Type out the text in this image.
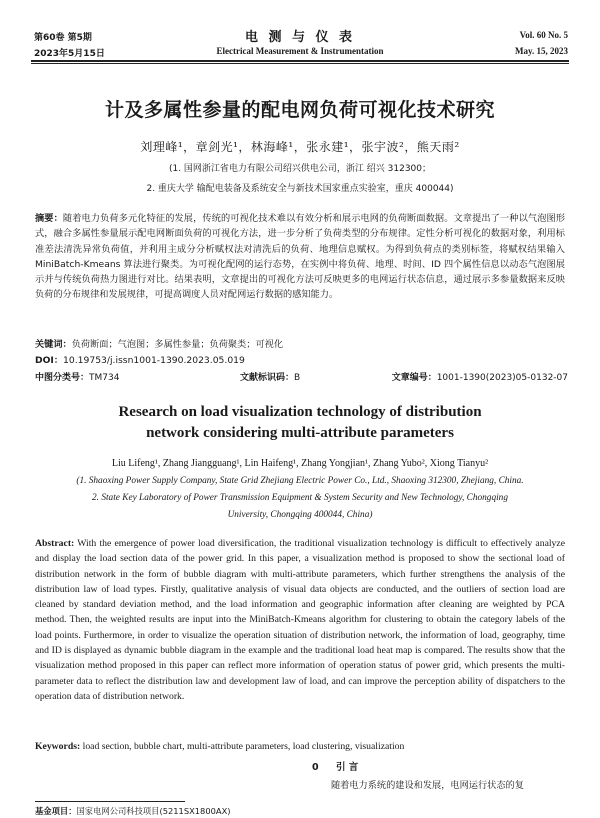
第60卷 第5期
2023年5月15日
电 测 与 仪 表
Electrical Measurement & Instrumentation
Vol. 60 No. 5
May. 15, 2023
计及多属性参量的配电网负荷可视化技术研究
刘理峰¹，章剑光¹，林海峰¹，张永建¹，张宇波²，熊天雨²
(1. 国网浙江省电力有限公司绍兴供电公司，浙江 绍兴 312300；
2. 重庆大学 输配电装备及系统安全与新技术国家重点实验室，重庆 400044)
摘要：随着电力负荷多元化特征的发展，传统的可视化技术难以有效分析和展示电网的负荷断面数据。文章提出了一种以气泡图形式，融合多属性参量展示配电网断面负荷的可视化方法，进一步分析了负荷类型的分布规律。定性分析可视化的数据对象，利用标准差法清洗异常负荷值，并利用主成分分析赋权法对清洗后的负荷、地理信息赋权。为得到负荷点的类别标签，将赋权结果输入 MiniBatch-Kmeans 算法进行聚类。为可视化配网的运行态势，在实例中将负荷、地理、时间、ID 四个属性信息以动态气泡图展示并与传统负荷热力图进行对比。结果表明，文章提出的可视化方法可反映更多的电网运行状态信息，通过展示多参量数据来反映负荷的分布规律和发展规律，可提高调度人员对配网运行数据的感知能力。
关键词：负荷断面；气泡图；多属性参量；负荷聚类；可视化
DOI：10.19753/j.issn1001-1390.2023.05.019
中图分类号：TM734	文献标识码：B	文章编号：1001-1390(2023)05-0132-07
Research on load visualization technology of distribution
network considering multi-attribute parameters
Liu Lifeng¹, Zhang Jiangguang¹, Lin Haifeng¹, Zhang Yongjian¹, Zhang Yubo², Xiong Tianyu²
(1. Shaoxing Power Supply Company, State Grid Zhejiang Electric Power Co., Ltd., Shaoxing 312300, Zhejiang, China.
2. State Key Laboratory of Power Transmission Equipment & System Security and New Technology, Chongqing
University, Chongqing 400044, China)
Abstract: With the emergence of power load diversification, the traditional visualization technology is difficult to effectively analyze and display the load section data of the power grid. In this paper, a visualization method is proposed to show the sectional load of distribution network in the form of bubble diagram with multi-attribute parameters, which further strengthens the analysis of the distribution law of load types. Firstly, qualitative analysis of visual data objects are conducted, and the outliers of section load are cleaned by standard deviation method, and the load information and geographic information after cleaning are weighted by PCA method. Then, the weighted results are input into the MiniBatch-Kmeans algorithm for clustering to obtain the category labels of the load points. Furthermore, in order to visualize the operation situation of distribution network, the information of load, geography, time and ID is displayed as dynamic bubble diagram in the example and the traditional load heat map is compared. The results show that the visualization method proposed in this paper can reflect more information of operation status of power grid, which presents the multi-parameter data to reflect the distribution law and development law of load, and can improve the perception ability of dispatchers to the operation data of distribution network.
Keywords: load section, bubble chart, multi-attribute parameters, load clustering, visualization
0 引 言
随着电力系统的建设和发展，电网运行状态的复
基金项目：国家电网公司科技项目(5211SX1800AX)
